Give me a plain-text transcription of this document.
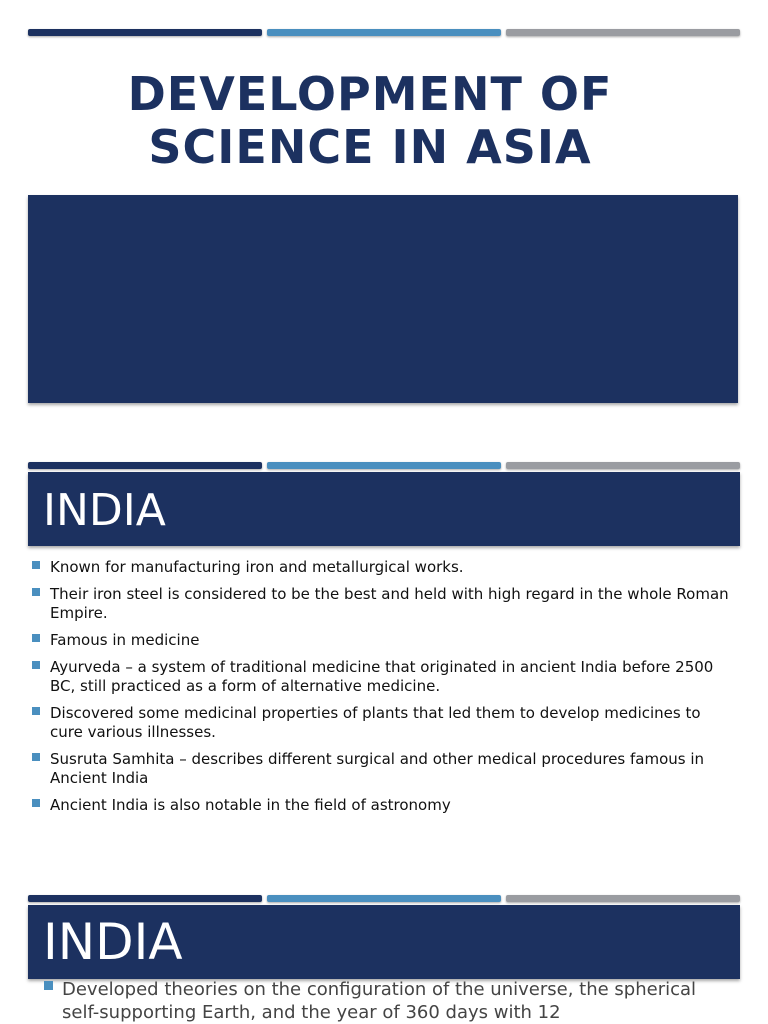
DEVELOPMENT OF
SCIENCE IN ASIA
INDIA
Known for manufacturing iron and metallurgical works.
Their iron steel is considered to be the best and held with high regard in the whole Roman Empire.
Famous in medicine
Ayurveda – a system of traditional medicine that originated in ancient India before 2500 BC, still practiced as a form of alternative medicine.
Discovered some medicinal properties of plants that led them to develop medicines to cure various illnesses.
Susruta Samhita – describes different surgical and other medical procedures famous in Ancient India
Ancient India is also notable in the field of astronomy
INDIA
Developed theories on the configuration of the universe, the spherical self-supporting Earth, and the year of 360 days with 12
